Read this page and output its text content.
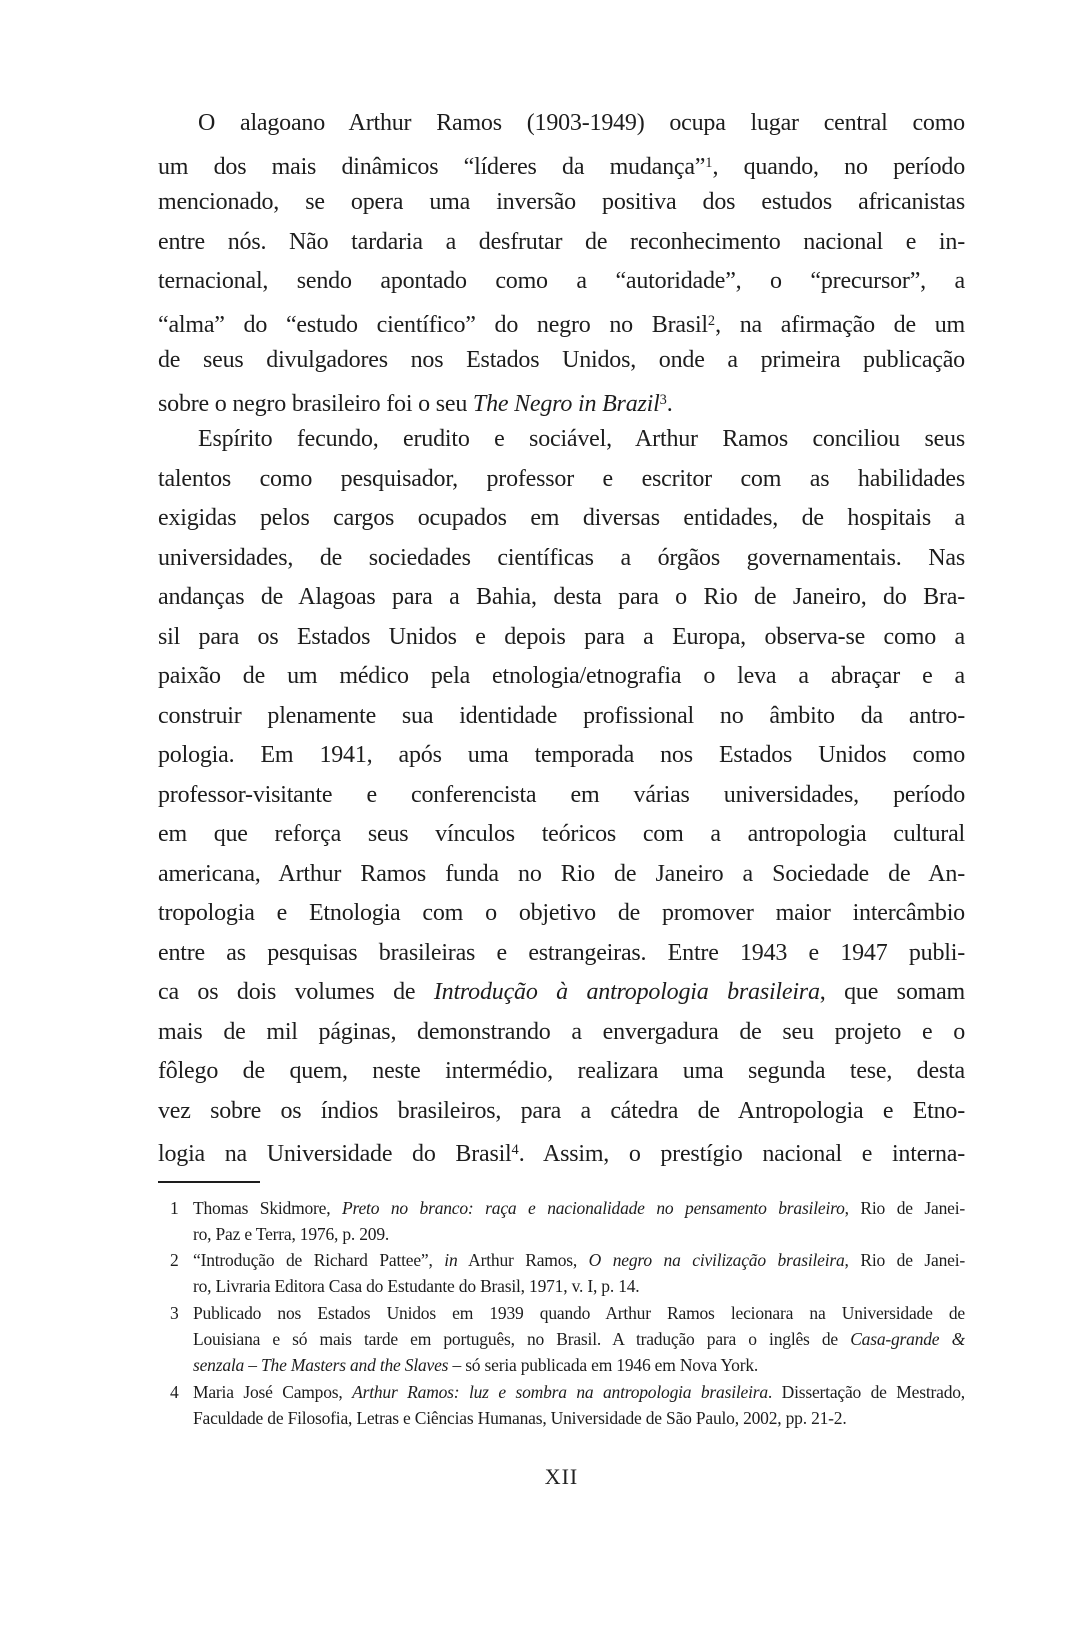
O alagoano Arthur Ramos (1903-1949) ocupa lugar central como
um dos mais dinâmicos “líderes da mudança”$^1$, quando, no período
mencionado, se opera uma inversão positiva dos estudos africanistas
entre nós. Não tardaria a desfrutar de reconhecimento nacional e in-
ternacional, sendo apontado como a “autoridade”, o “precursor”, a
“alma” do “estudo científico” do negro no Brasil$^2$, na afirmação de um
de seus divulgadores nos Estados Unidos, onde a primeira publicação
sobre o negro brasileiro foi o seu The Negro in Brazil$^3$.
Espírito fecundo, erudito e sociável, Arthur Ramos conciliou seus
talentos como pesquisador, professor e escritor com as habilidades
exigidas pelos cargos ocupados em diversas entidades, de hospitais a
universidades, de sociedades científicas a órgãos governamentais. Nas
andanças de Alagoas para a Bahia, desta para o Rio de Janeiro, do Bra-
sil para os Estados Unidos e depois para a Europa, observa-se como a
paixão de um médico pela etnologia/etnografia o leva a abraçar e a
construir plenamente sua identidade profissional no âmbito da antro-
pologia. Em 1941, após uma temporada nos Estados Unidos como
professor-visitante e conferencista em várias universidades, período
em que reforça seus vínculos teóricos com a antropologia cultural
americana, Arthur Ramos funda no Rio de Janeiro a Sociedade de An-
tropologia e Etnologia com o objetivo de promover maior intercâmbio
entre as pesquisas brasileiras e estrangeiras. Entre 1943 e 1947 publi-
ca os dois volumes de Introdução à antropologia brasileira, que somam
mais de mil páginas, demonstrando a envergadura de seu projeto e o
fôlego de quem, neste intermédio, realizara uma segunda tese, desta
vez sobre os índios brasileiros, para a cátedra de Antropologia e Etno-
logia na Universidade do Brasil$^4$. Assim, o prestígio nacional e interna-
1 Thomas Skidmore, Preto no branco: raça e nacionalidade no pensamento brasileiro, Rio de Janei-
ro, Paz e Terra, 1976, p. 209.
2 “Introdução de Richard Pattee”, in Arthur Ramos, O negro na civilização brasileira, Rio de Janei-
ro, Livraria Editora Casa do Estudante do Brasil, 1971, v. I, p. 14.
3 Publicado nos Estados Unidos em 1939 quando Arthur Ramos lecionara na Universidade de
Louisiana e só mais tarde em português, no Brasil. A tradução para o inglês de Casa-grande &
senzala – The Masters and the Slaves – só seria publicada em 1946 em Nova York.
4 Maria José Campos, Arthur Ramos: luz e sombra na antropologia brasileira. Dissertação de Mestrado,
Faculdade de Filosofia, Letras e Ciências Humanas, Universidade de São Paulo, 2002, pp. 21-2.
XII
